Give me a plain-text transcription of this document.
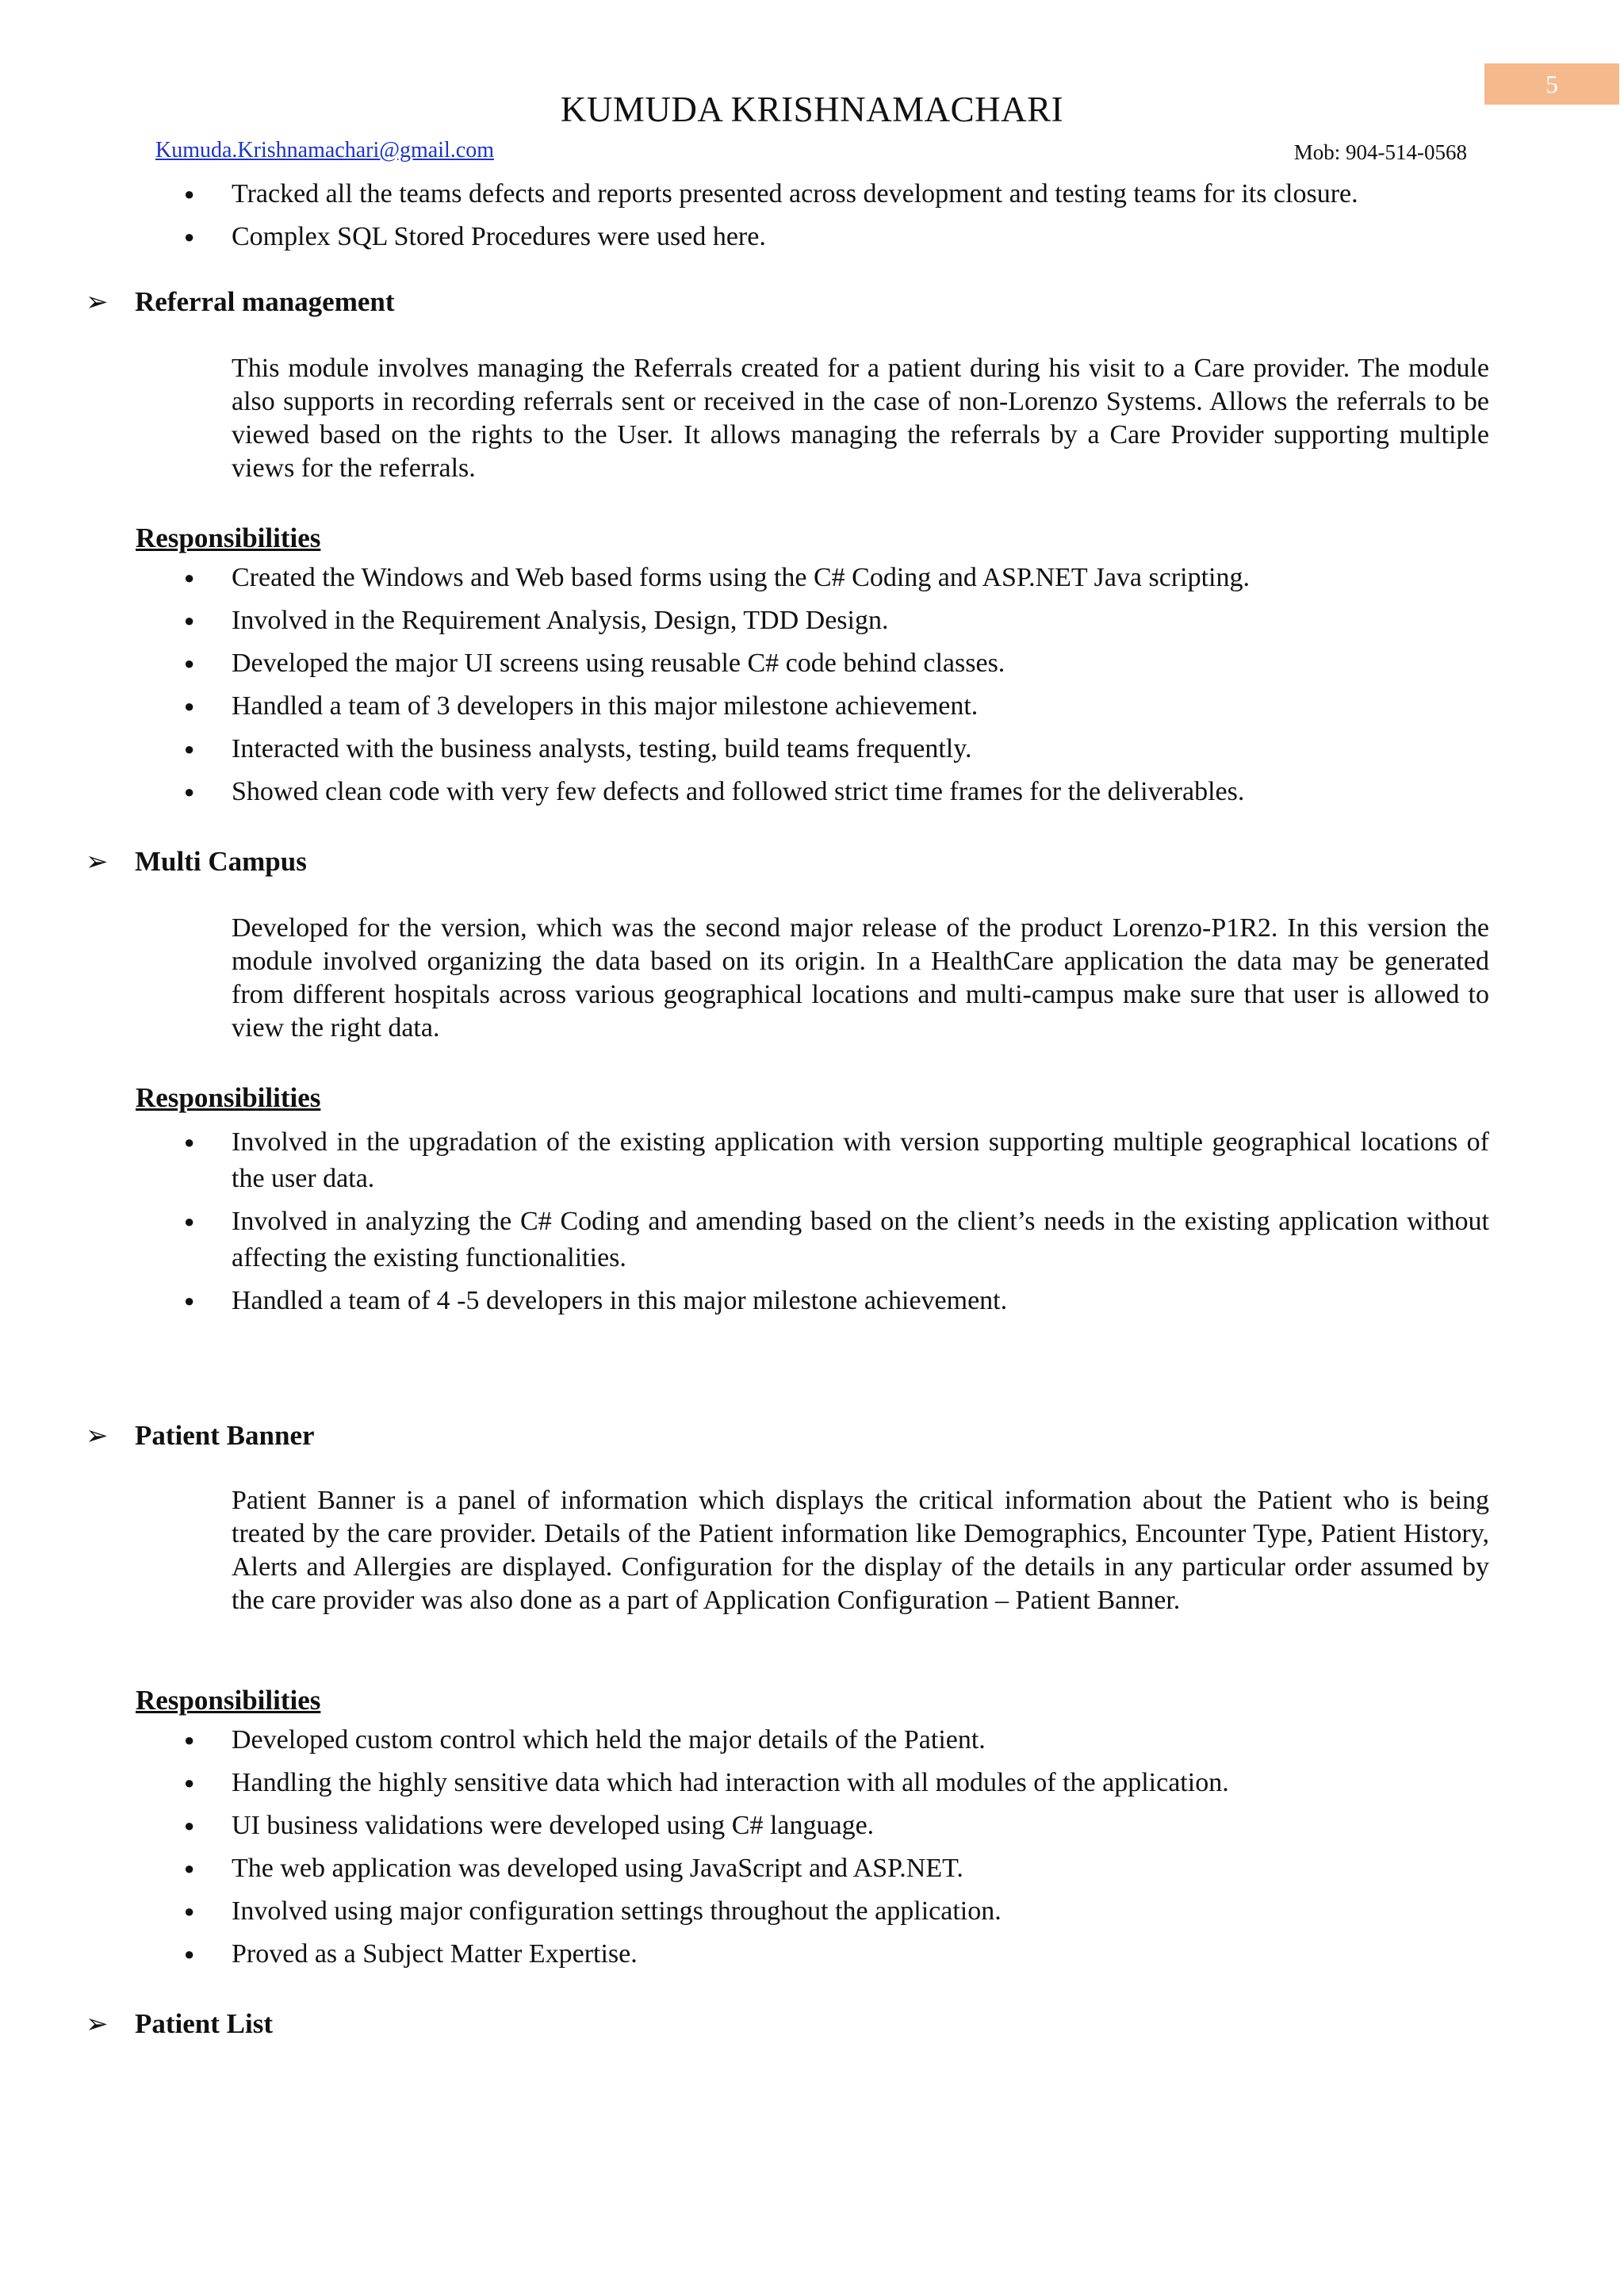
5
KUMUDA KRISHNAMACHARI
Kumuda.Krishnamachari@gmail.com	Mob: 904-514-0568
● Tracked all the teams defects and reports presented across development and testing teams for its closure.
● Complex SQL Stored Procedures were used here.
➢ Referral management

This module involves managing the Referrals created for a patient during his visit to a Care provider. The module also supports in recording referrals sent or received in the case of non-Lorenzo Systems. Allows the referrals to be viewed based on the rights to the User. It allows managing the referrals by a Care Provider supporting multiple views for the referrals.

Responsibilities
● Created the Windows and Web based forms using the C# Coding and ASP.NET Java scripting.
● Involved in the Requirement Analysis, Design, TDD Design.
● Developed the major UI screens using reusable C# code behind classes.
● Handled a team of 3 developers in this major milestone achievement.
● Interacted with the business analysts, testing, build teams frequently.
● Showed clean code with very few defects and followed strict time frames for the deliverables.
➢ Multi Campus

Developed for the version, which was the second major release of the product Lorenzo-P1R2. In this version the module involved organizing the data based on its origin. In a HealthCare application the data may be generated from different hospitals across various geographical locations and multi-campus make sure that user is allowed to view the right data.

Responsibilities
● Involved in the upgradation of the existing application with version supporting multiple geographical locations of the user data.
● Involved in analyzing the C# Coding and amending based on the client’s needs in the existing application without affecting the existing functionalities.
● Handled a team of 4 -5 developers in this major milestone achievement.
➢ Patient Banner

Patient Banner is a panel of information which displays the critical information about the Patient who is being treated by the care provider. Details of the Patient information like Demographics, Encounter Type, Patient History, Alerts and Allergies are displayed. Configuration for the display of the details in any particular order assumed by the care provider was also done as a part of Application Configuration – Patient Banner.

Responsibilities
● Developed custom control which held the major details of the Patient.
● Handling the highly sensitive data which had interaction with all modules of the application.
● UI business validations were developed using C# language.
● The web application was developed using JavaScript and ASP.NET.
● Involved using major configuration settings throughout the application.
● Proved as a Subject Matter Expertise.
➢ Patient List
